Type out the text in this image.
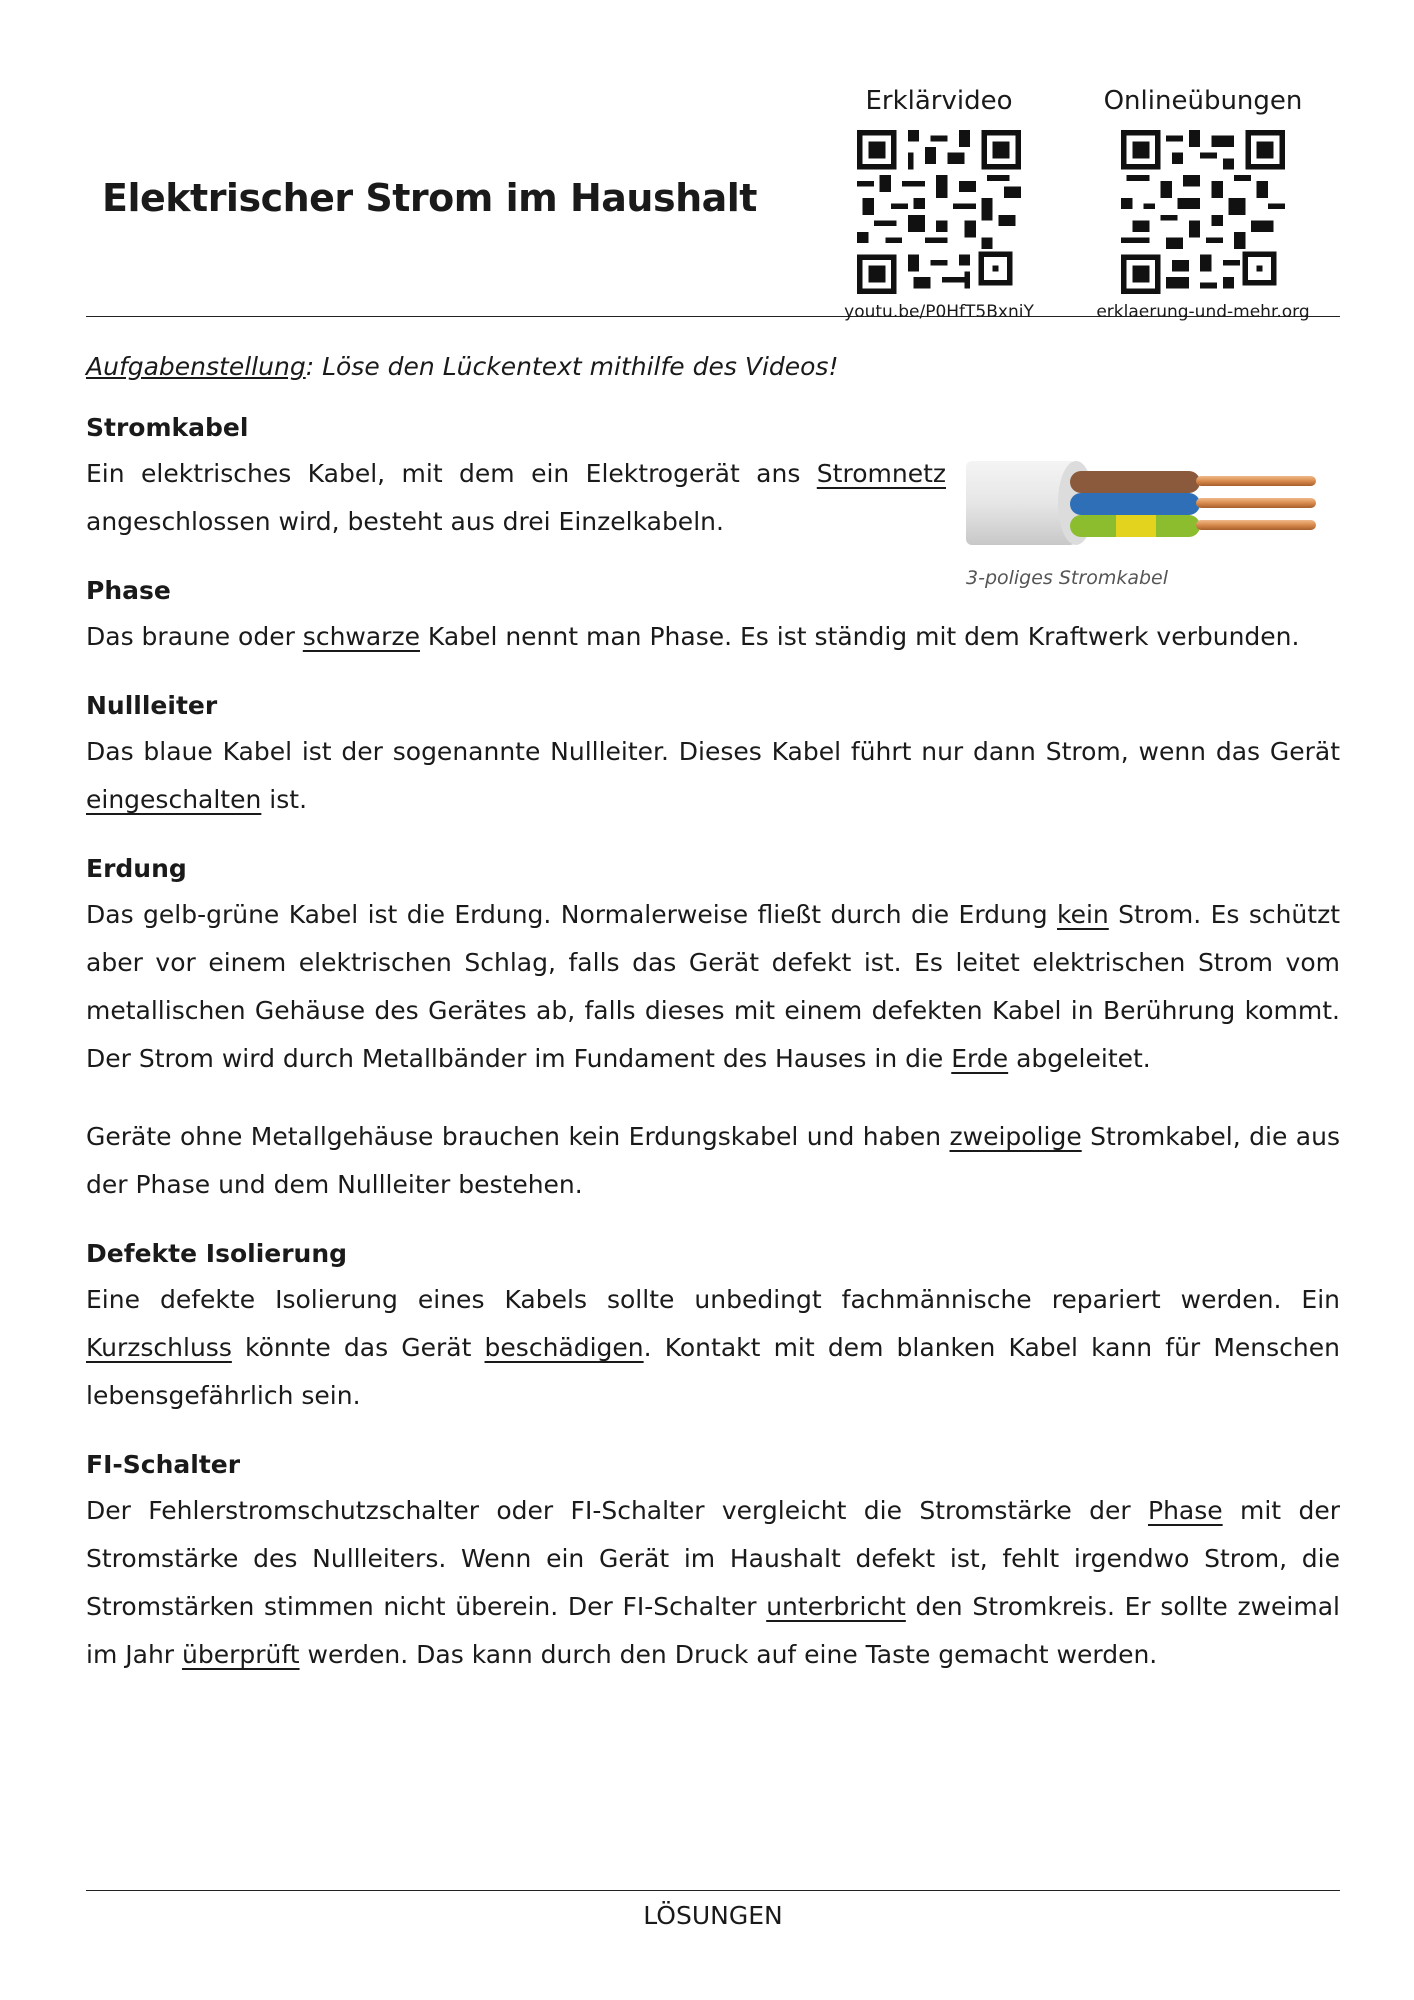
Elektrischer Strom im Haushalt
Erklärvideo
youtu.be/P0HfT5BxniY
Onlineübungen
erklaerung-und-mehr.org
3-poliges Stromkabel
Aufgabenstellung: Löse den Lückentext mithilfe des Videos!
Stromkabel

Ein elektrisches Kabel, mit dem ein Elektrogerät ans Stromnetz angeschlossen wird, besteht aus drei Einzelkabeln.

Phase

Das braune oder schwarze Kabel nennt man Phase. Es ist ständig mit dem Kraftwerk verbunden.

Nullleiter

Das blaue Kabel ist der sogenannte Nullleiter. Dieses Kabel führt nur dann Strom, wenn das Gerät eingeschalten ist.

Erdung

Das gelb-grüne Kabel ist die Erdung. Normalerweise fließt durch die Erdung kein Strom. Es schützt aber vor einem elektrischen Schlag, falls das Gerät defekt ist. Es leitet elektrischen Strom vom metallischen Gehäuse des Gerätes ab, falls dieses mit einem defekten Kabel in Berührung kommt. Der Strom wird durch Metallbänder im Fundament des Hauses in die Erde abgeleitet.

Geräte ohne Metallgehäuse brauchen kein Erdungskabel und haben zweipolige Stromkabel, die aus der Phase und dem Nullleiter bestehen.

Defekte Isolierung

Eine defekte Isolierung eines Kabels sollte unbedingt fachmännische repariert werden. Ein Kurzschluss könnte das Gerät beschädigen. Kontakt mit dem blanken Kabel kann für Menschen lebensgefährlich sein.

FI-Schalter

Der Fehlerstromschutzschalter oder FI-Schalter vergleicht die Stromstärke der Phase mit der Stromstärke des Nullleiters. Wenn ein Gerät im Haushalt defekt ist, fehlt irgendwo Strom, die Stromstärken stimmen nicht überein. Der FI-Schalter unterbricht den Stromkreis. Er sollte zweimal im Jahr überprüft werden. Das kann durch den Druck auf eine Taste gemacht werden.

LÖSUNGEN
